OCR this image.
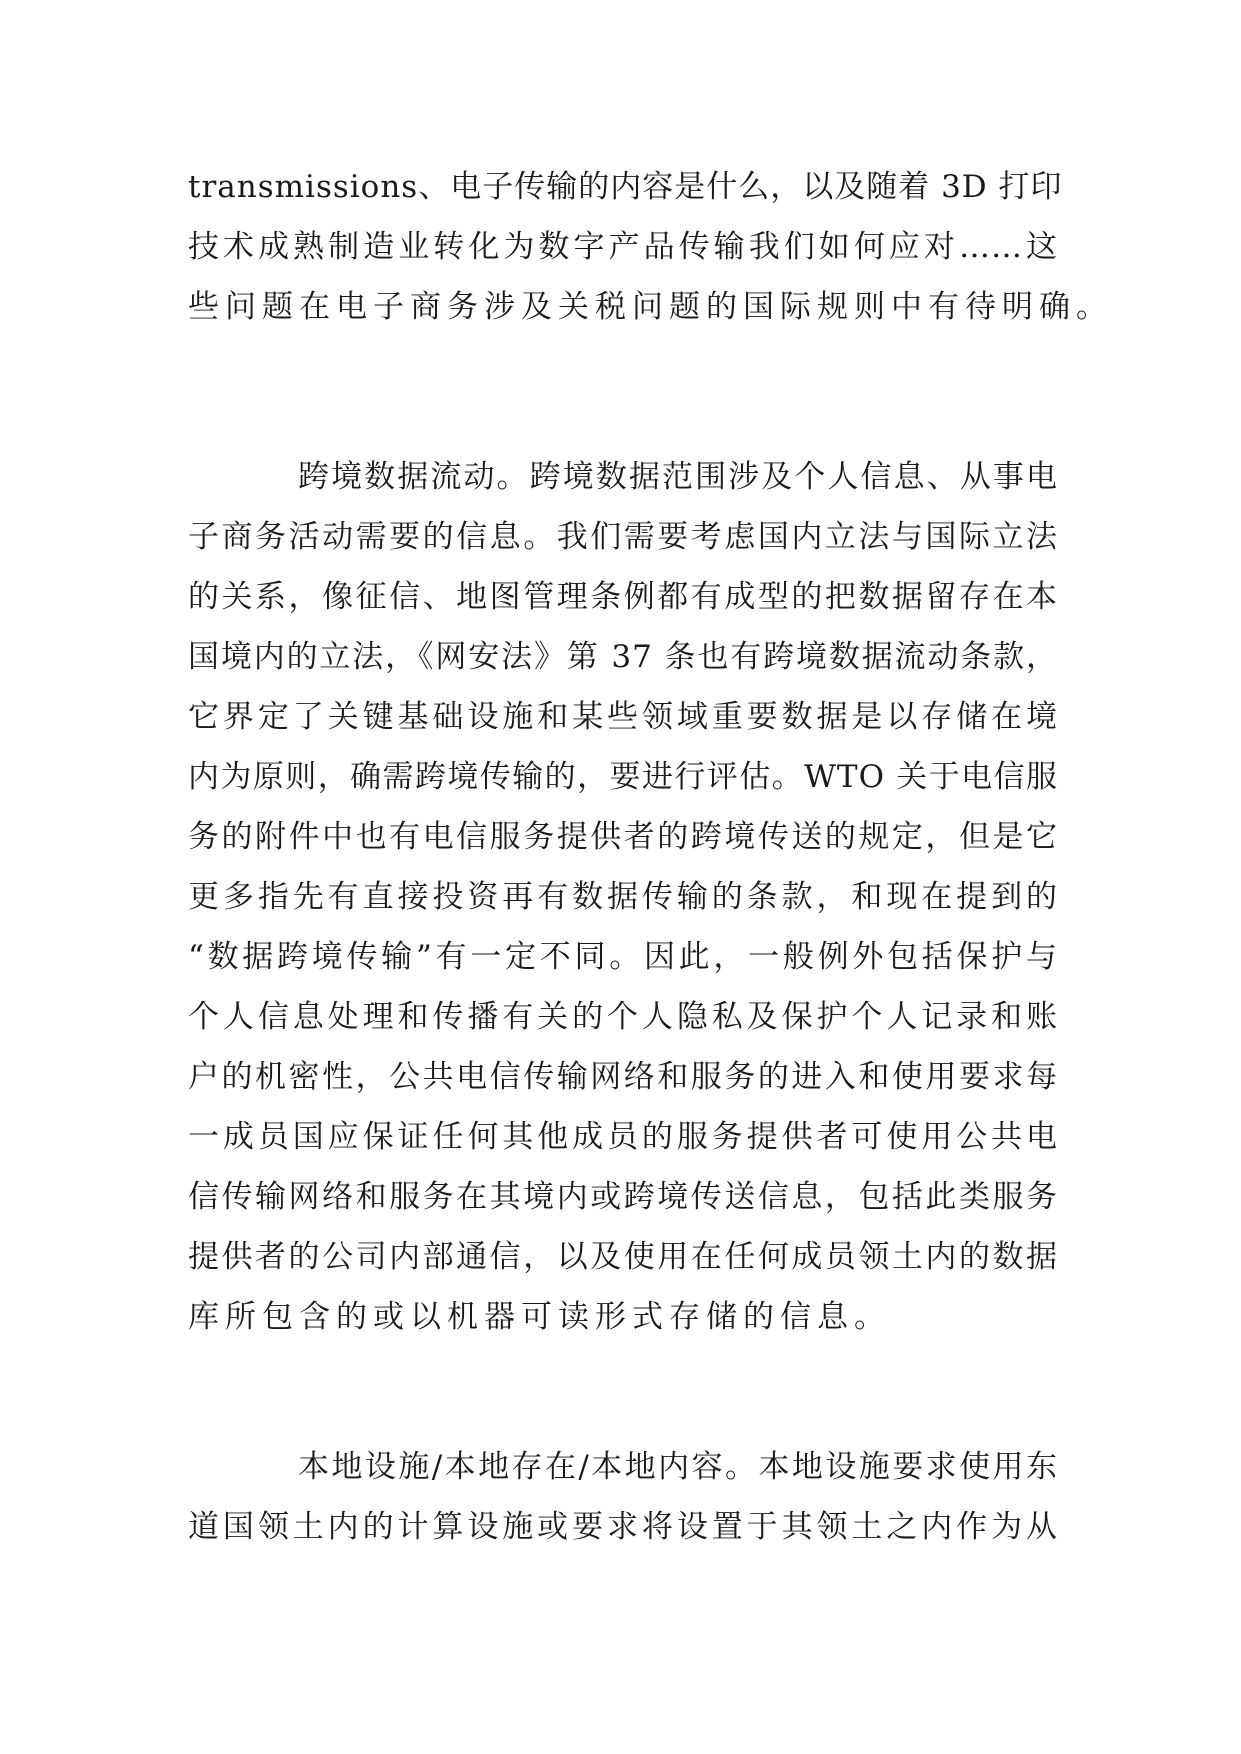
transmissions、电子传输的内容是什么，以及随着 3D 打印
技术成熟制造业转化为数字产品传输我们如何应对……这
些问题在电子商务涉及关税问题的国际规则中有待明确。
跨境数据流动。跨境数据范围涉及个人信息、从事电
子商务活动需要的信息。我们需要考虑国内立法与国际立法
的关系，像征信、地图管理条例都有成型的把数据留存在本
国境内的立法，《网安法》第 37 条也有跨境数据流动条款，
它界定了关键基础设施和某些领域重要数据是以存储在境
内为原则，确需跨境传输的，要进行评估。WTO 关于电信服
务的附件中也有电信服务提供者的跨境传送的规定，但是它
更多指先有直接投资再有数据传输的条款，和现在提到的
“数据跨境传输”有一定不同。因此，一般例外包括保护与
个人信息处理和传播有关的个人隐私及保护个人记录和账
户的机密性，公共电信传输网络和服务的进入和使用要求每
一成员国应保证任何其他成员的服务提供者可使用公共电
信传输网络和服务在其境内或跨境传送信息，包括此类服务
提供者的公司内部通信，以及使用在任何成员领土内的数据
库所包含的或以机器可读形式存储的信息。
本地设施/本地存在/本地内容。本地设施要求使用东
道国领土内的计算设施或要求将设置于其领土之内作为从
